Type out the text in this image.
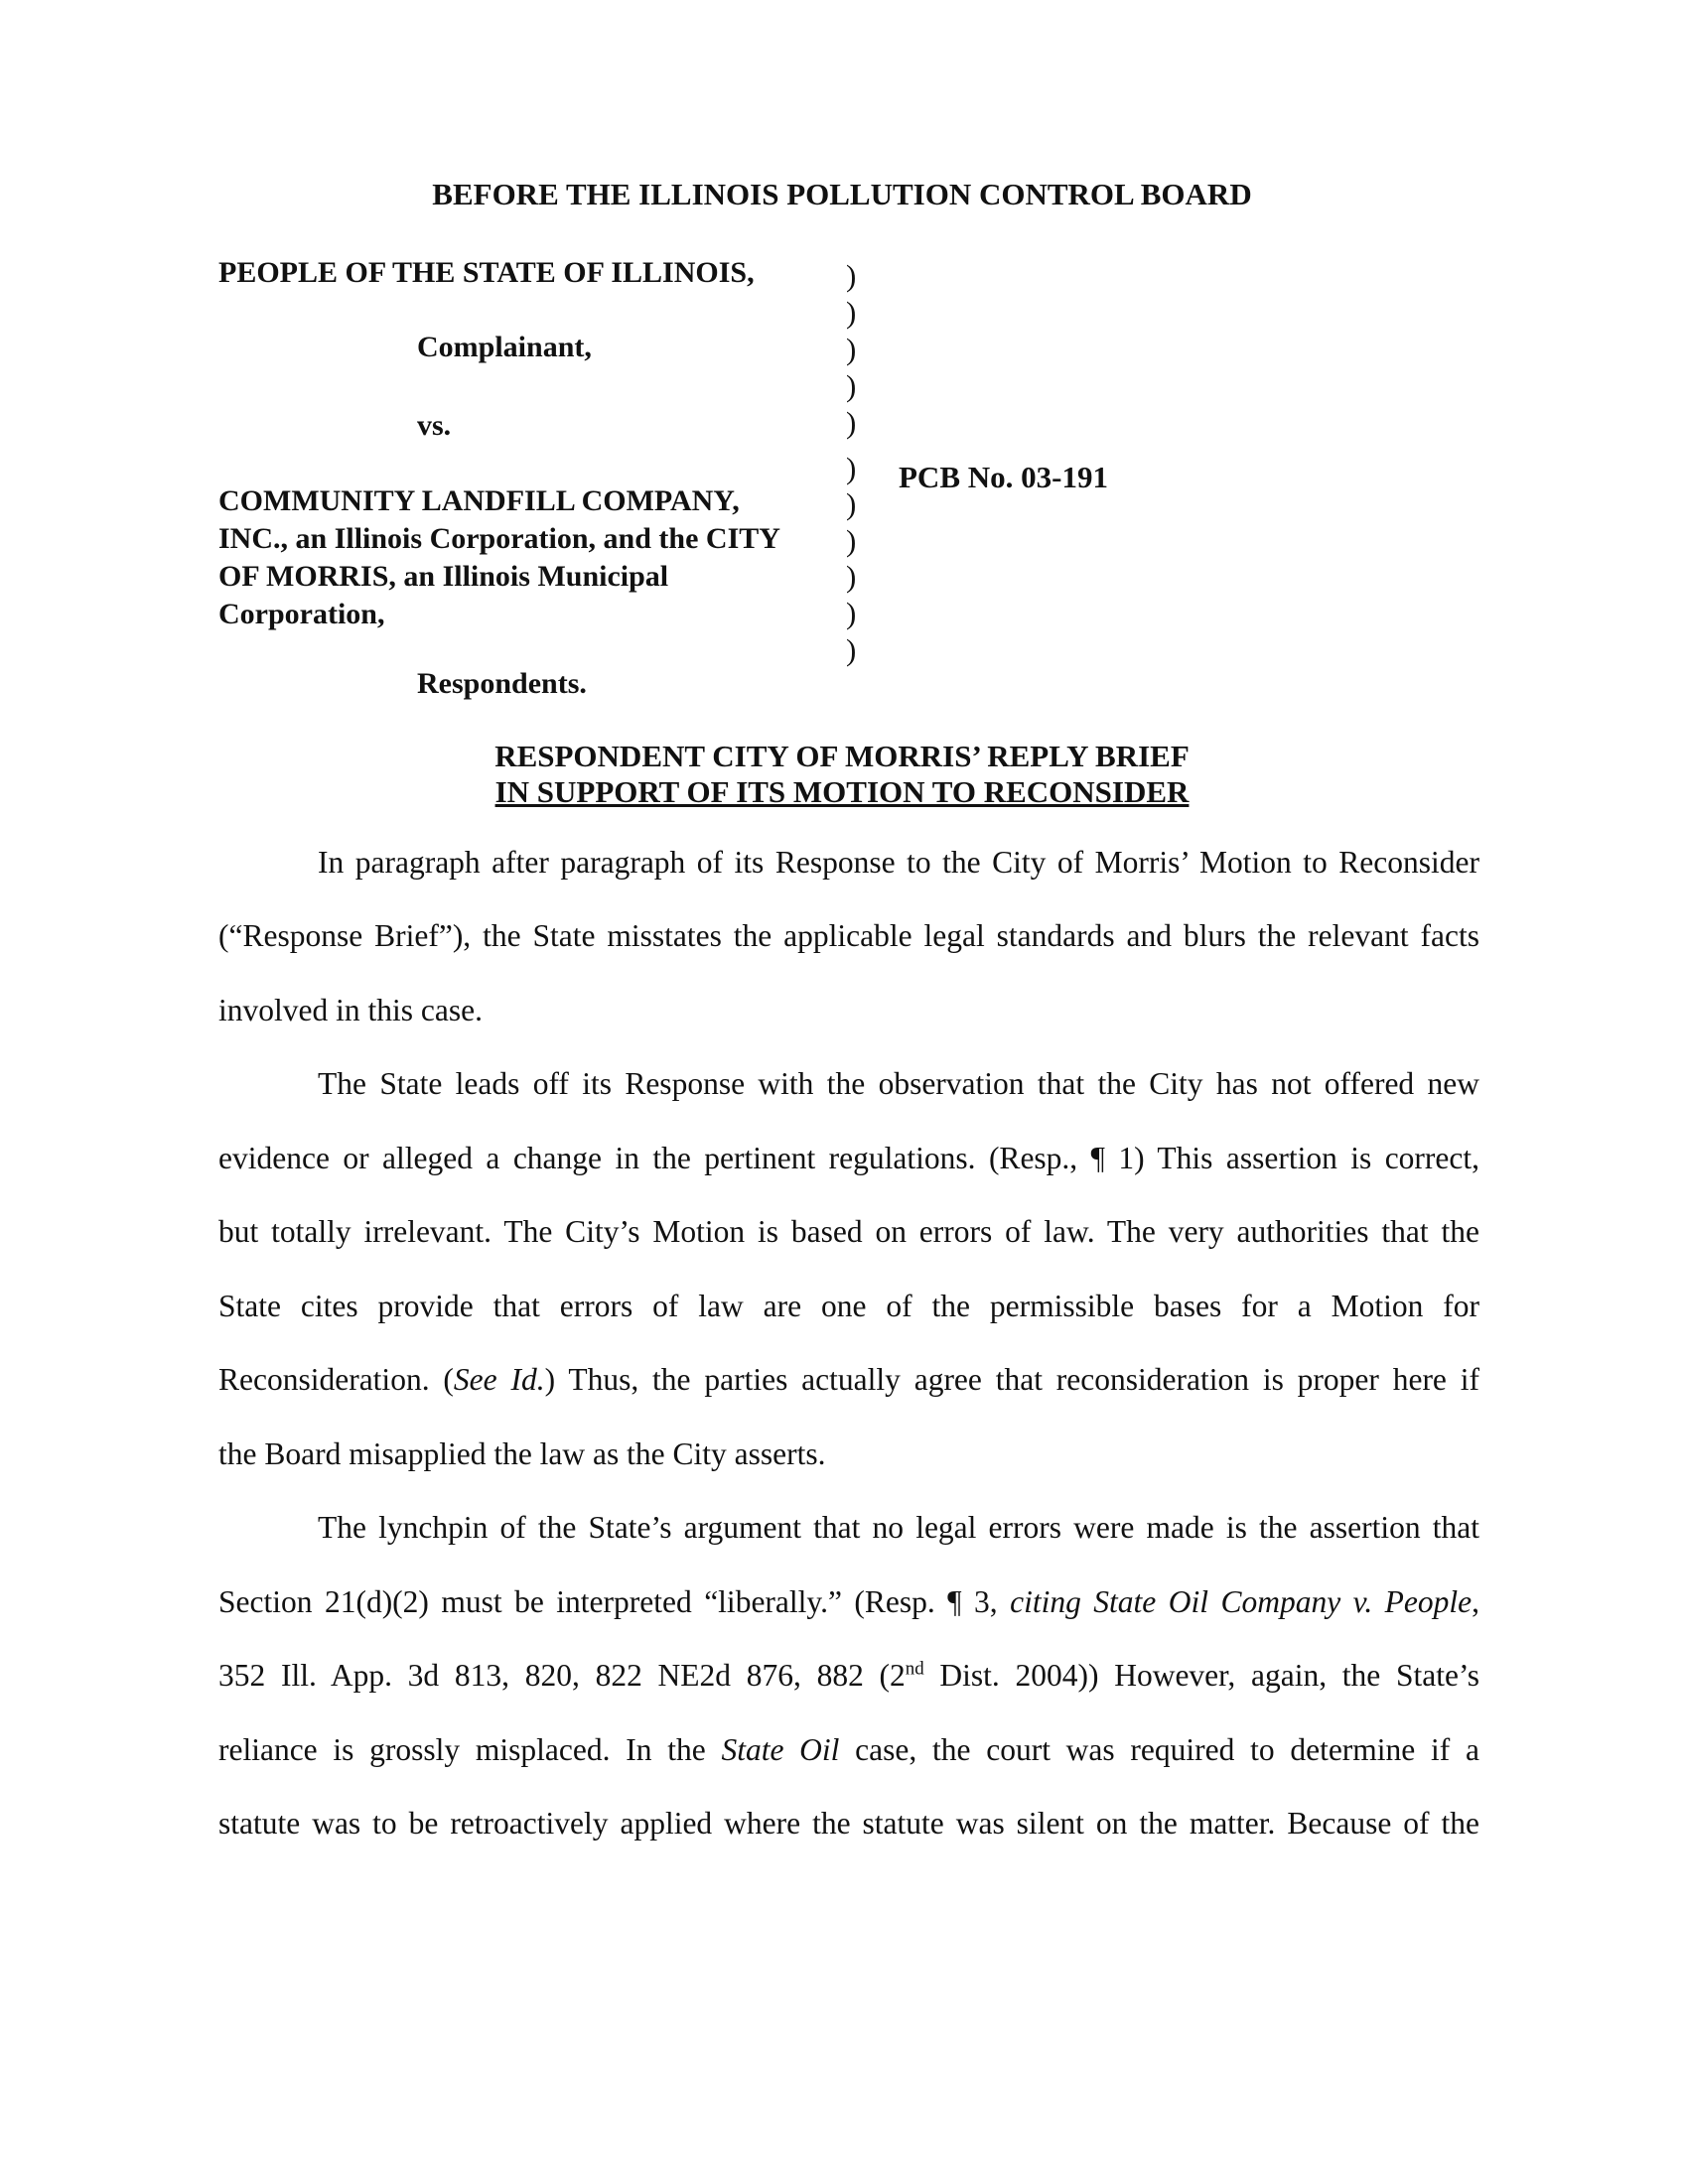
BEFORE THE ILLINOIS POLLUTION CONTROL BOARD
PEOPLE OF THE STATE OF ILLINOIS,
Complainant,
vs.
COMMUNITY LANDFILL COMPANY,
INC., an Illinois Corporation, and the CITY
OF MORRIS, an Illinois Municipal
Corporation,
Respondents.
)
)
)
)
)
)
)
)
)
)
)
PCB No. 03-191
RESPONDENT CITY OF MORRIS’ REPLY BRIEF
IN SUPPORT OF ITS MOTION TO RECONSIDER
In paragraph after paragraph of its Response to the City of Morris’ Motion to Reconsider
(“Response Brief”), the State misstates the applicable legal standards and blurs the relevant facts
involved in this case.
The State leads off its Response with the observation that the City has not offered new
evidence or alleged a change in the pertinent regulations. (Resp., ¶ 1) This assertion is correct,
but totally irrelevant. The City’s Motion is based on errors of law. The very authorities that the
State cites provide that errors of law are one of the permissible bases for a Motion for
Reconsideration. (See Id.) Thus, the parties actually agree that reconsideration is proper here if
the Board misapplied the law as the City asserts.
The lynchpin of the State’s argument that no legal errors were made is the assertion that
Section 21(d)(2) must be interpreted “liberally.” (Resp. ¶ 3, citing State Oil Company v. People,
352 Ill. App. 3d 813, 820, 822 NE2d 876, 882 (2nd Dist. 2004)) However, again, the State’s
reliance is grossly misplaced. In the State Oil case, the court was required to determine if a
statute was to be retroactively applied where the statute was silent on the matter. Because of the
